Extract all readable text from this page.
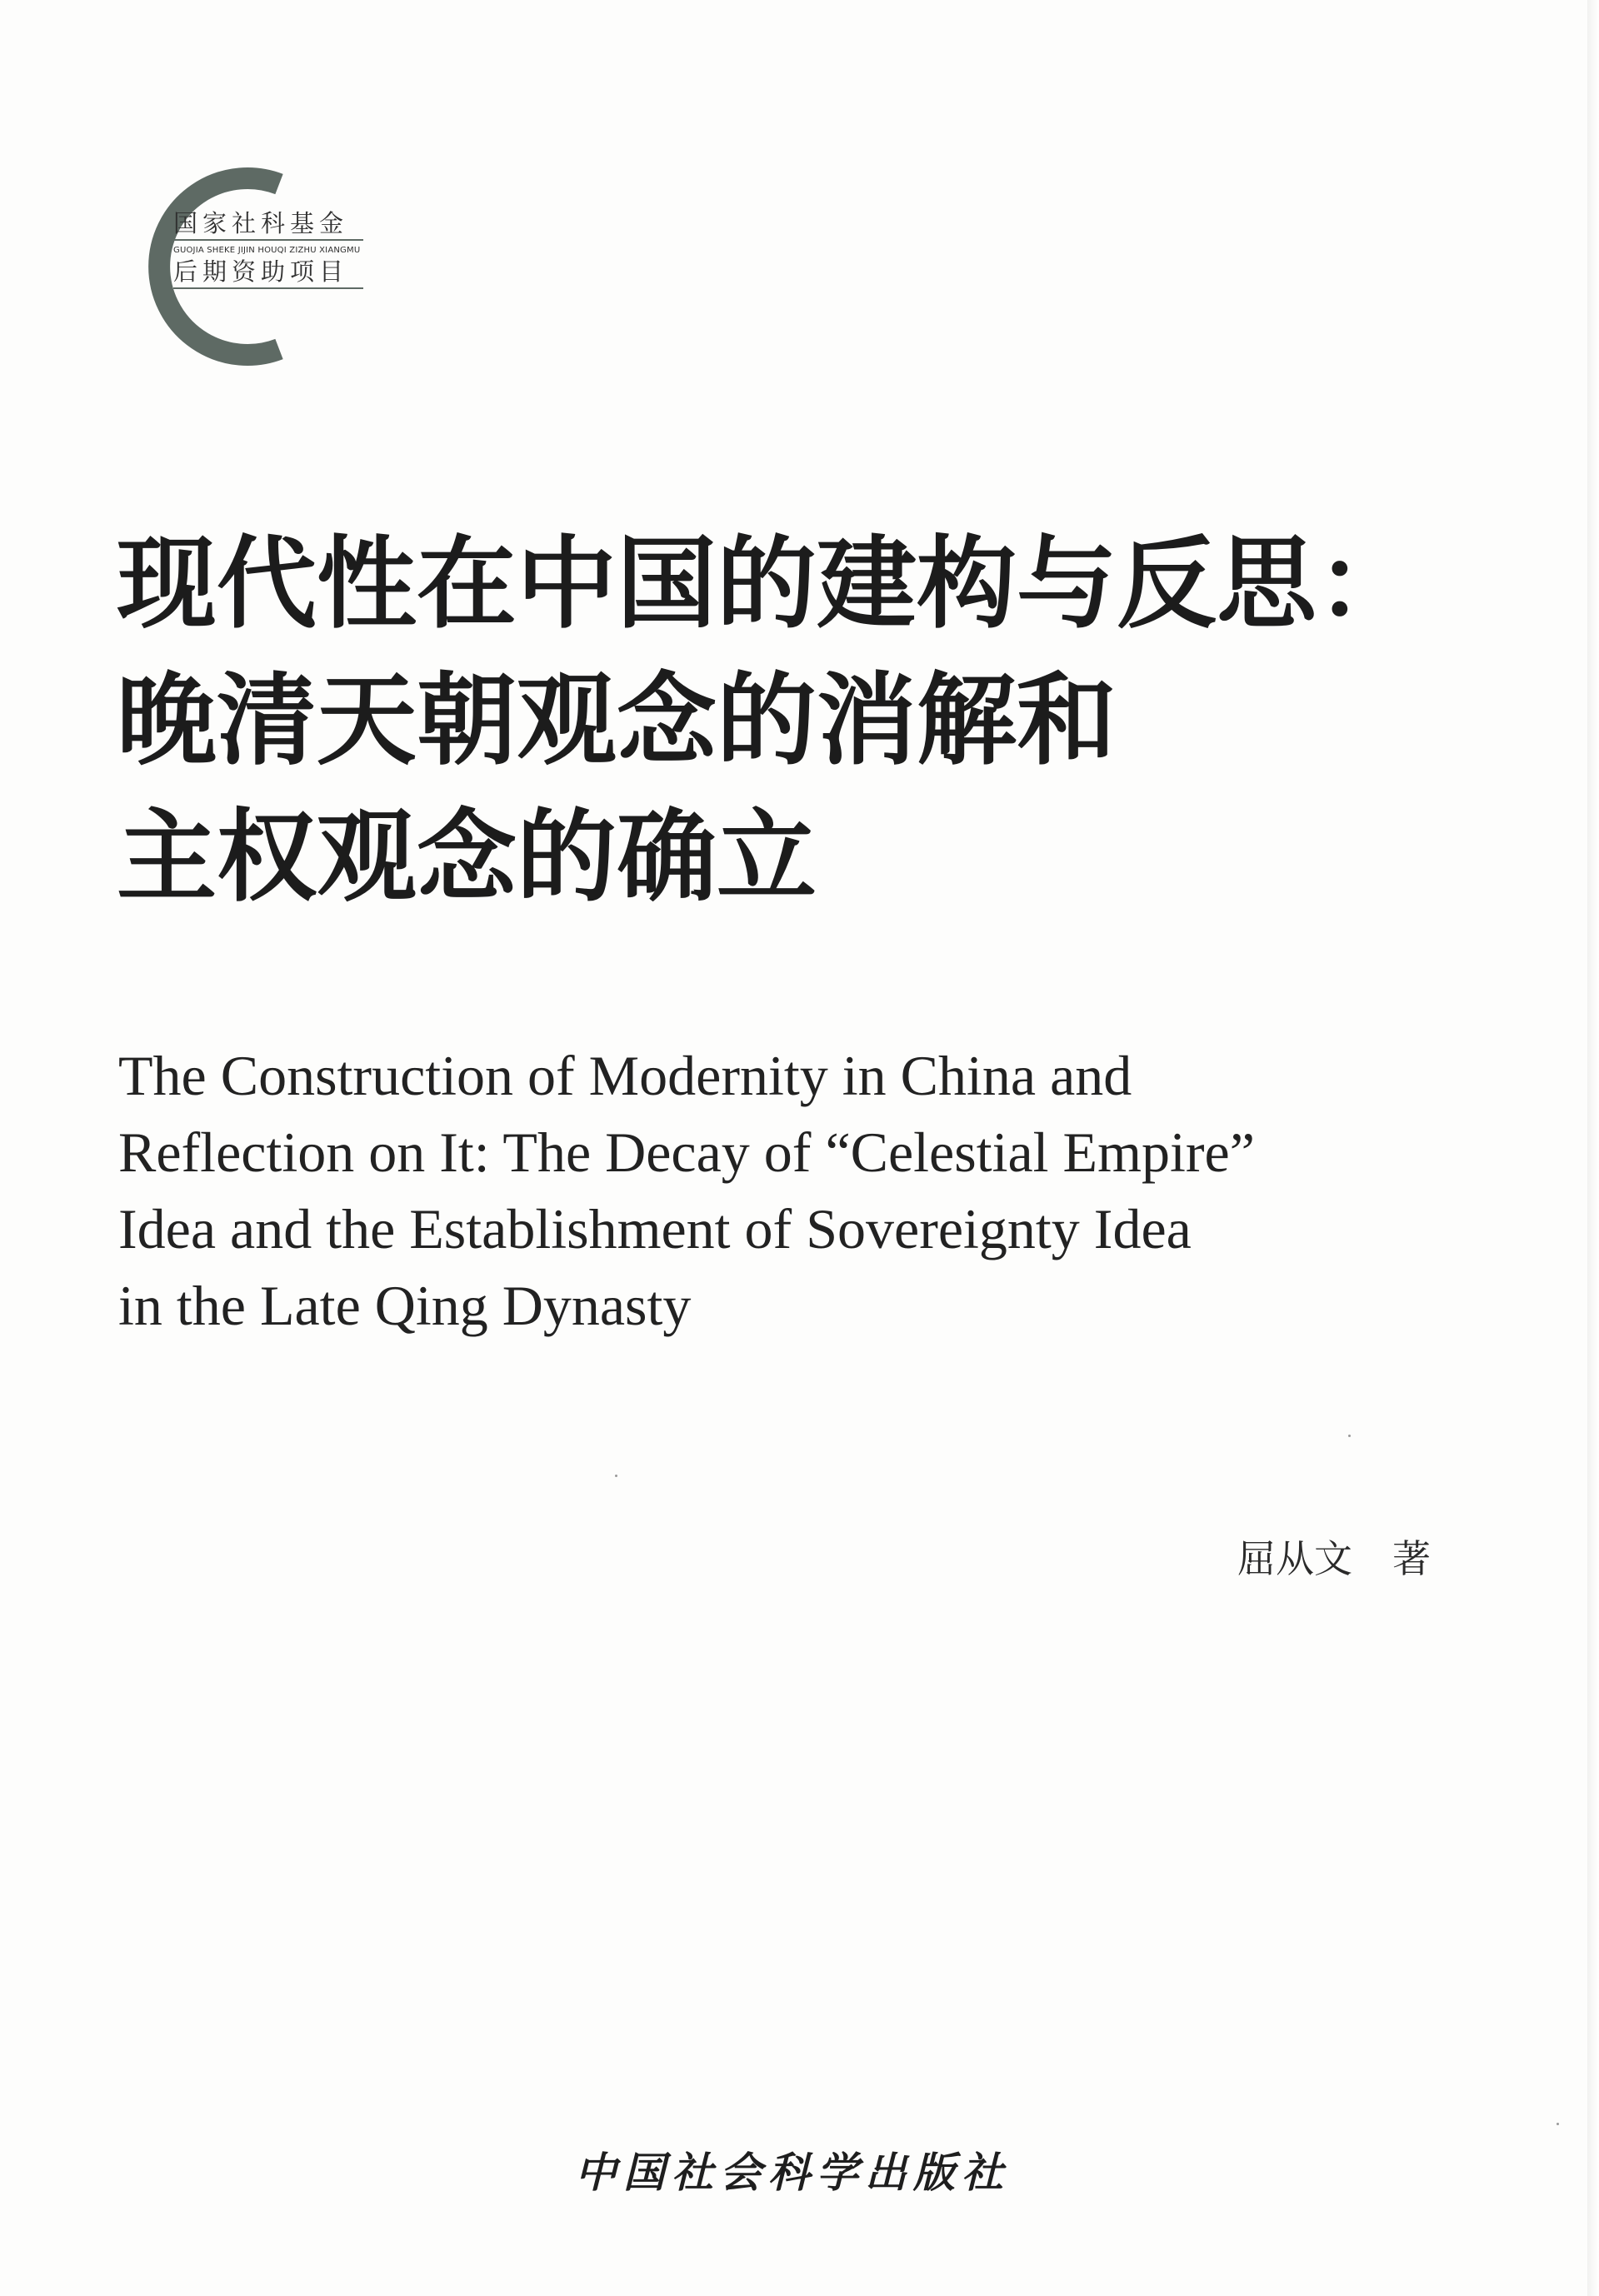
国家社科基金
GUOJIA SHEKE JIJIN HOUQI ZIZHU XIANGMU
后期资助项目
现代性在中国的建构与反思：
晚清天朝观念的消解和
主权观念的确立
The Construction of Modernity in China and
Reflection on It: The Decay of “Celestial Empire”
Idea and the Establishment of Sovereignty Idea
in the Late Qing Dynasty
屈从文 著
中国社会科学出版社
